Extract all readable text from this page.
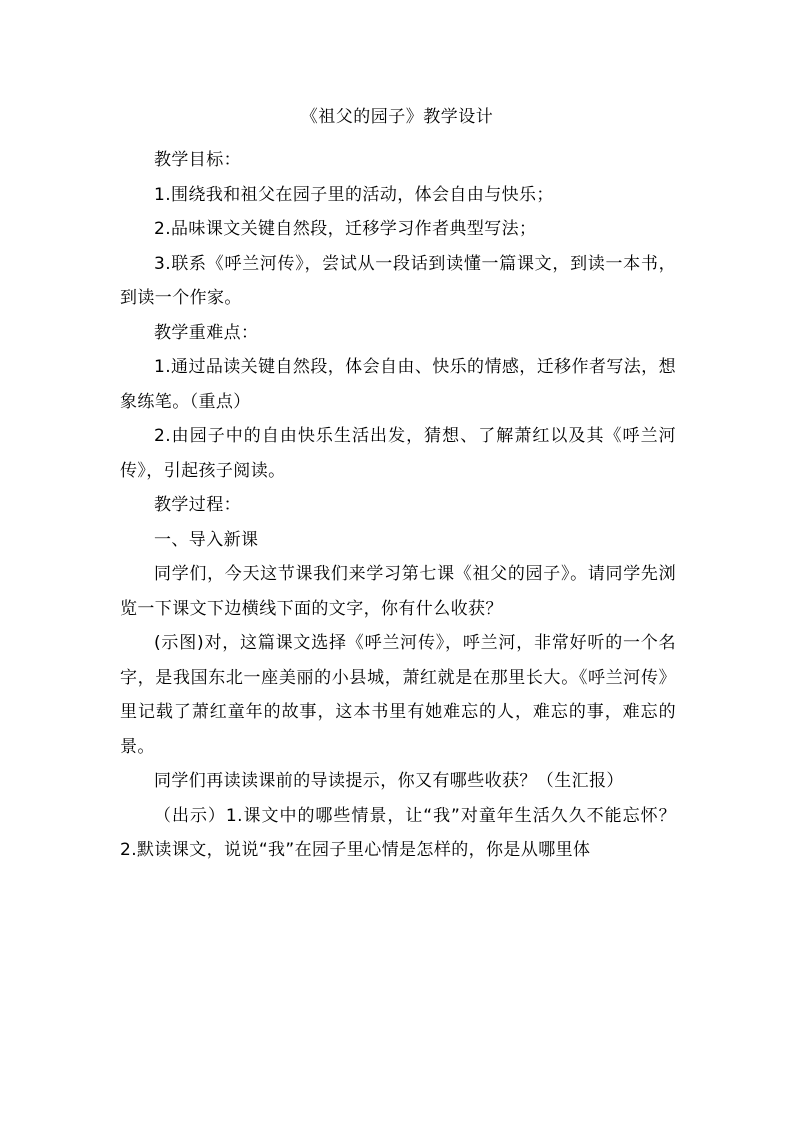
《祖父的园子》教学设计

教学目标：

1.围绕我和祖父在园子里的活动，体会自由与快乐；

2.品味课文关键自然段，迁移学习作者典型写法；

3.联系《呼兰河传》，尝试从一段话到读懂一篇课文，到读一本书，到读一个作家。

教学重难点：

1.通过品读关键自然段，体会自由、快乐的情感，迁移作者写法，想象练笔。（重点）

2.由园子中的自由快乐生活出发，猜想、了解萧红以及其《呼兰河传》，引起孩子阅读。

教学过程：

一、导入新课

同学们，今天这节课我们来学习第七课《祖父的园子》。请同学先浏览一下课文下边横线下面的文字，你有什么收获？

(示图)对，这篇课文选择《呼兰河传》，呼兰河，非常好听的一个名字，是我国东北一座美丽的小县城，萧红就是在那里长大。《呼兰河传》里记载了萧红童年的故事，这本书里有她难忘的人，难忘的事，难忘的景。

同学们再读读课前的导读提示，你又有哪些收获？（生汇报）

（出示）1.课文中的哪些情景，让“我”对童年生活久久不能忘怀？2.默读课文，说说“我”在园子里心情是怎样的，你是从哪里体
